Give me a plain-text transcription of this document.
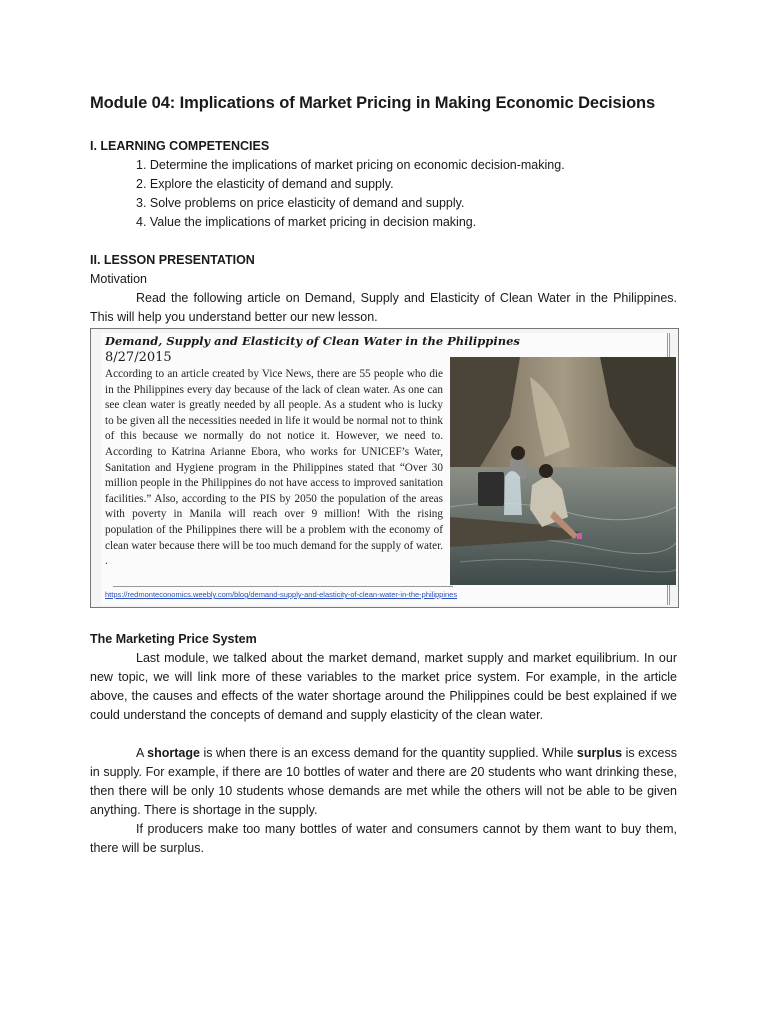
Module 04: Implications of Market Pricing in Making Economic Decisions
I. LEARNING COMPETENCIES
1. Determine the implications of market pricing on economic decision-making.
2. Explore the elasticity of demand and supply.
3. Solve problems on price elasticity of demand and supply.
4. Value the implications of market pricing in decision making.
II. LESSON PRESENTATION
Motivation

Read the following article on Demand, Supply and Elasticity of Clean Water in the Philippines. This will help you understand better our new lesson.

Demand, Supply and Elasticity of Clean Water in the Philippines

8/27/2015

According to an article created by Vice News, there are 55 people who die in the Philippines every day because of the lack of clean water. As one can see clean water is greatly needed by all people. As a student who is lucky to be given all the necessities needed in life it would be normal not to think of this because we normally do not notice it. However, we need to. According to Katrina Arianne Ebora, who works for UNICEF’s Water, Sanitation and Hygiene program in the Philippines stated that “Over 30 million people in the Philippines do not have access to improved sanitation facilities.” Also, according to the PIS by 2050 the population of the areas with poverty in Manila will reach over 9 million! With the rising population of the Philippines there will be a problem with the economy of clean water because there will be too much demand for the supply of water. .

https://redmonteconomics.weebly.com/blog/demand-supply-and-elasticity-of-clean-water-in-the-philippines
The Marketing Price System

Last module, we talked about the market demand, market supply and market equilibrium. In our new topic, we will link more of these variables to the market price system. For example, in the article above, the causes and effects of the water shortage around the Philippines could be best explained if we could understand the concepts of demand and supply elasticity of the clean water.

A shortage is when there is an excess demand for the quantity supplied. While surplus is excess in supply. For example, if there are 10 bottles of water and there are 20 students who want drinking these, then there will be only 10 students whose demands are met while the others will not be able to be given anything. There is shortage in the supply.

If producers make too many bottles of water and consumers cannot by them want to buy them, there will be surplus.
